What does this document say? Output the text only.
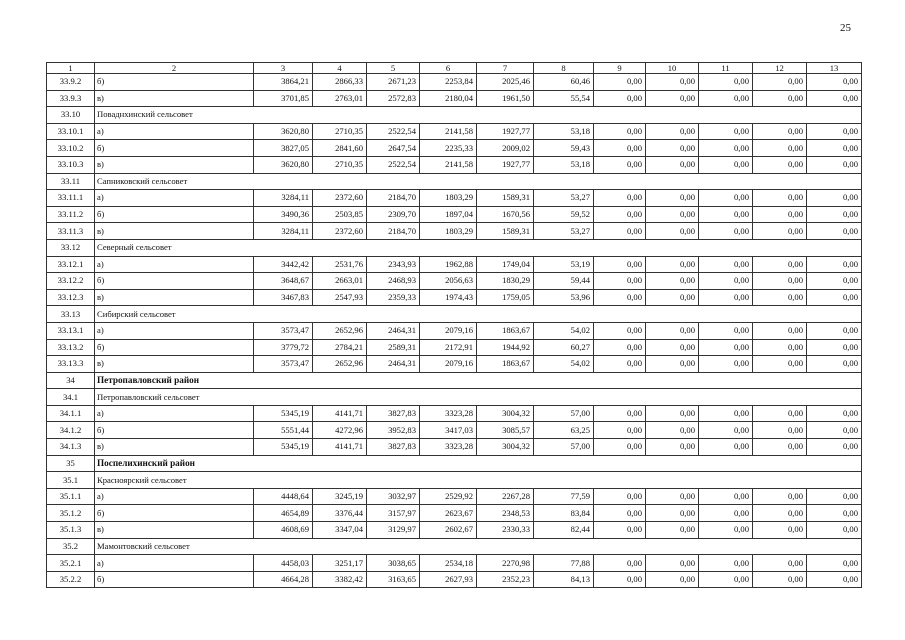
25
1	2	3	4	5	6	7	8	9	10	11	12	13
33.9.2	б)	3864,21	2866,33	2671,23	2253,84	2025,46	60,46	0,00	0,00	0,00	0,00	0,00
33.9.3	в)	3701,85	2763,01	2572,83	2180,04	1961,50	55,54	0,00	0,00	0,00	0,00	0,00
33.10	Поваднхинский сельсовет											
33.10.1	а)	3620,80	2710,35	2522,54	2141,58	1927,77	53,18	0,00	0,00	0,00	0,00	0,00
33.10.2	б)	3827,05	2841,60	2647,54	2235,33	2009,02	59,43	0,00	0,00	0,00	0,00	0,00
33.10.3	в)	3620,80	2710,35	2522,54	2141,58	1927,77	53,18	0,00	0,00	0,00	0,00	0,00
33.11	Сапниковский сельсовет											
33.11.1	а)	3284,11	2372,60	2184,70	1803,29	1589,31	53,27	0,00	0,00	0,00	0,00	0,00
33.11.2	б)	3490,36	2503,85	2309,70	1897,04	1670,56	59,52	0,00	0,00	0,00	0,00	0,00
33.11.3	в)	3284,11	2372,60	2184,70	1803,29	1589,31	53,27	0,00	0,00	0,00	0,00	0,00
33.12	Северный сельсовет											
33.12.1	а)	3442,42	2531,76	2343,93	1962,88	1749,04	53,19	0,00	0,00	0,00	0,00	0,00
33.12.2	б)	3648,67	2663,01	2468,93	2056,63	1830,29	59,44	0,00	0,00	0,00	0,00	0,00
33.12.3	в)	3467,83	2547,93	2359,33	1974,43	1759,05	53,96	0,00	0,00	0,00	0,00	0,00
33.13	Сибирский сельсовет											
33.13.1	а)	3573,47	2652,96	2464,31	2079,16	1863,67	54,02	0,00	0,00	0,00	0,00	0,00
33.13.2	б)	3779,72	2784,21	2589,31	2172,91	1944,92	60,27	0,00	0,00	0,00	0,00	0,00
33.13.3	в)	3573,47	2652,96	2464,31	2079,16	1863,67	54,02	0,00	0,00	0,00	0,00	0,00
34	Петропавловский район											
34.1	Петропавловский сельсовет											
34.1.1	а)	5345,19	4141,71	3827,83	3323,28	3004,32	57,00	0,00	0,00	0,00	0,00	0,00
34.1.2	б)	5551,44	4272,96	3952,83	3417,03	3085,57	63,25	0,00	0,00	0,00	0,00	0,00
34.1.3	в)	5345,19	4141,71	3827,83	3323,28	3004,32	57,00	0,00	0,00	0,00	0,00	0,00
35	Поспелихинский район											
35.1	Красноярский сельсовет											
35.1.1	а)	4448,64	3245,19	3032,97	2529,92	2267,28	77,59	0,00	0,00	0,00	0,00	0,00
35.1.2	б)	4654,89	3376,44	3157,97	2623,67	2348,53	83,84	0,00	0,00	0,00	0,00	0,00
35.1.3	в)	4608,69	3347,04	3129,97	2602,67	2330,33	82,44	0,00	0,00	0,00	0,00	0,00
35.2	Мамонтовский сельсовет											
35.2.1	а)	4458,03	3251,17	3038,65	2534,18	2270,98	77,88	0,00	0,00	0,00	0,00	0,00
35.2.2	б)	4664,28	3382,42	3163,65	2627,93	2352,23	84,13	0,00	0,00	0,00	0,00	0,00
